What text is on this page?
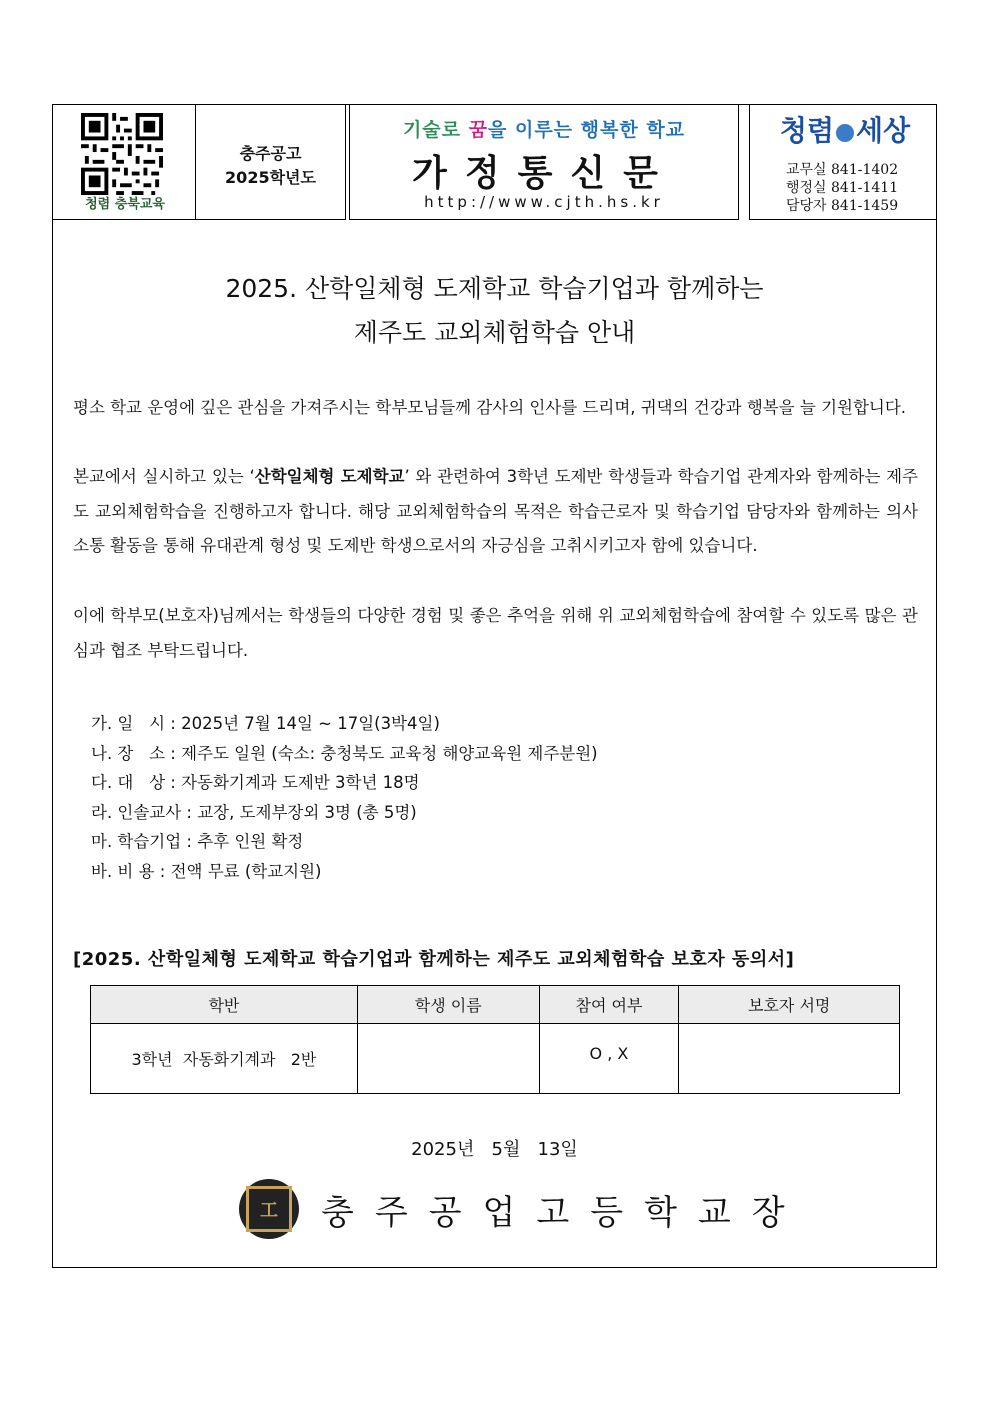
청렴 충북교육
충주공고
2025학년도
기술로 꿈을 이루는 행복한 학교
가정통신문
http://www.cjth.hs.kr
청렴 세상
교무실 841-1402
행정실 841-1411
담당자 841-1459
2025. 산학일체형 도제학교 학습기업과 함께하는
제주도 교외체험학습 안내
평소 학교 운영에 깊은 관심을 가져주시는 학부모님들께 감사의 인사를 드리며, 귀댁의 건강과 행복을 늘 기원합니다.
본교에서 실시하고 있는 ‘산학일체형 도제학교’ 와 관련하여 3학년 도제반 학생들과 학습기업 관계자와 함께하는 제주도 교외체험학습을 진행하고자 합니다. 해당 교외체험학습의 목적은 학습근로자 및 학습기업 담당자와 함께하는 의사소통 활동을 통해 유대관계 형성 및 도제반 학생으로서의 자긍심을 고취시키고자 함에 있습니다.
이에 학부모(보호자)님께서는 학생들의 다양한 경험 및 좋은 추억을 위해 위 교외체험학습에 참여할 수 있도록 많은 관심과 협조 부탁드립니다.
가. 일   시 : 2025년 7월 14일 ~ 17일(3박4일)
나. 장   소 : 제주도 일원 (숙소: 충청북도 교육청 해양교육원 제주분원)
다. 대   상 : 자동화기계과 도제반 3학년 18명
라. 인솔교사 : 교장, 도제부장외 3명 (총 5명)
마. 학습기업 : 추후 인원 확정
바. 비 용 : 전액 무료 (학교지원)
[2025. 산학일체형 도제학교 학습기업과 함께하는 제주도 교외체험학습 보호자 동의서]
학반	학생 이름	참여 여부	보호자 서명
3학년  자동화기계과   2반		O , X	
2025년   5월   13일
工	충주공업고등학교장
